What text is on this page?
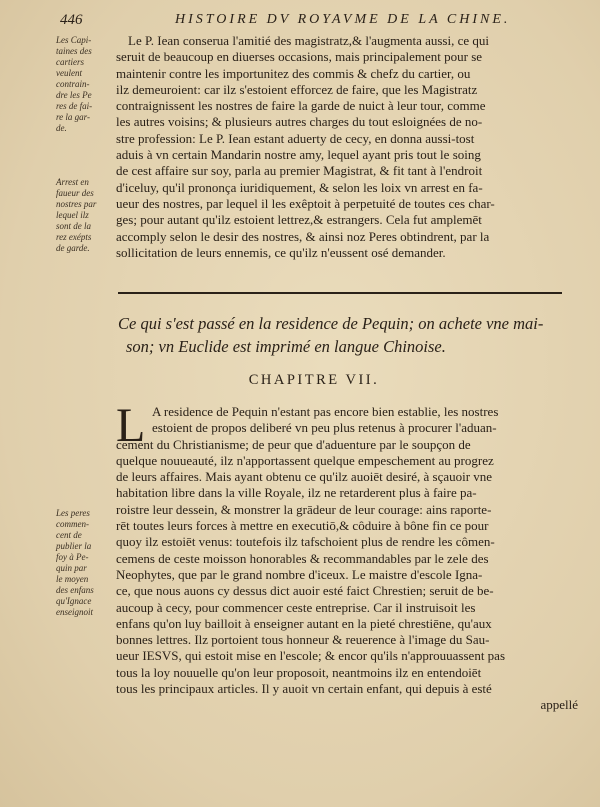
446	HISTOIRE DV ROYAVME DE LA CHINE.
Les Capi-
taines des
cartiers
veulent
contrain-
dre les Pe
res de fai-
re la gar-
de.
Arrest en
faueur des
nostres par
lequel ilz
sont de la
rez exépts
de garde.
Les peres
commen-
cent de
publier la
foy à Pe-
quin par
le moyen
des enfans
qu'Ignace
enseignoit
Le P. Iean conserua l'amitié des magistratz,& l'augmenta aussi, ce qui
seruit de beaucoup en diuerses occasions, mais principalement pour se
maintenir contre les importunitez des commis & chefz du cartier, ou
ilz demeuroient: car ilz s'estoient efforcez de faire, que les Magistratz
contraignissent les nostres de faire la garde de nuict à leur tour, comme
les autres voisins; & plusieurs autres charges du tout esloignées de no-
stre profession: Le P. Iean estant aduerty de cecy, en donna aussi-tost
aduis à vn certain Mandarin nostre amy, lequel ayant pris tout le soing
de cest affaire sur soy, parla au premier Magistrat, & fit tant à l'endroit
d'iceluy, qu'il prononça iuridiquement, & selon les loix vn arrest en fa-
ueur des nostres, par lequel il les exêptoit à perpetuité de toutes ces char-
ges; pour autant qu'ilz estoient lettrez,& estrangers. Cela fut amplemēt
accomply selon le desir des nostres, & ainsi noz Peres obtindrent, par la
sollicitation de leurs ennemis, ce qu'ilz n'eussent osé demander.
Ce qui s'est passé en la residence de Pequin; on achete vne mai-
son; vn Euclide est imprimé en langue Chinoise.
CHAPITRE VII.
L A residence de Pequin n'estant pas encore bien establie, les nostres
estoient de propos deliberé vn peu plus retenus à procurer l'aduan-
cement du Christianisme; de peur que d'aduenture par le soupçon de
quelque nouueauté, ilz n'apportassent quelque empeschement au progrez
de leurs affaires. Mais ayant obtenu ce qu'ilz auoiēt desiré, à sçauoir vne
habitation libre dans la ville Royale, ilz ne retarderent plus à faire pa-
roistre leur dessein, & monstrer la grādeur de leur courage: ains raporte-
rēt toutes leurs forces à mettre en executiō,& côduire à bône fin ce pour
quoy ilz estoiēt venus: toutefois ilz tafschoient plus de rendre les cômen-
cemens de ceste moisson honorables & recommandables par le zele des
Neophytes, que par le grand nombre d'iceux. Le maistre d'escole Igna-
ce, que nous auons cy dessus dict auoir esté faict Chrestien; seruit de be-
aucoup à cecy, pour commencer ceste entreprise. Car il instruisoit les
enfans qu'on luy bailloit à enseigner autant en la pieté chrestiēne, qu'aux
bonnes lettres. Ilz portoient tous honneur & reuerence à l'image du Sau-
ueur IESVS, qui estoit mise en l'escole; & encor qu'ils n'approuuassent pas
tous la loy nouuelle qu'on leur proposoit, neantmoins ilz en entendoiēt
tous les principaux articles. Il y auoit vn certain enfant, qui depuis à esté
appellé
